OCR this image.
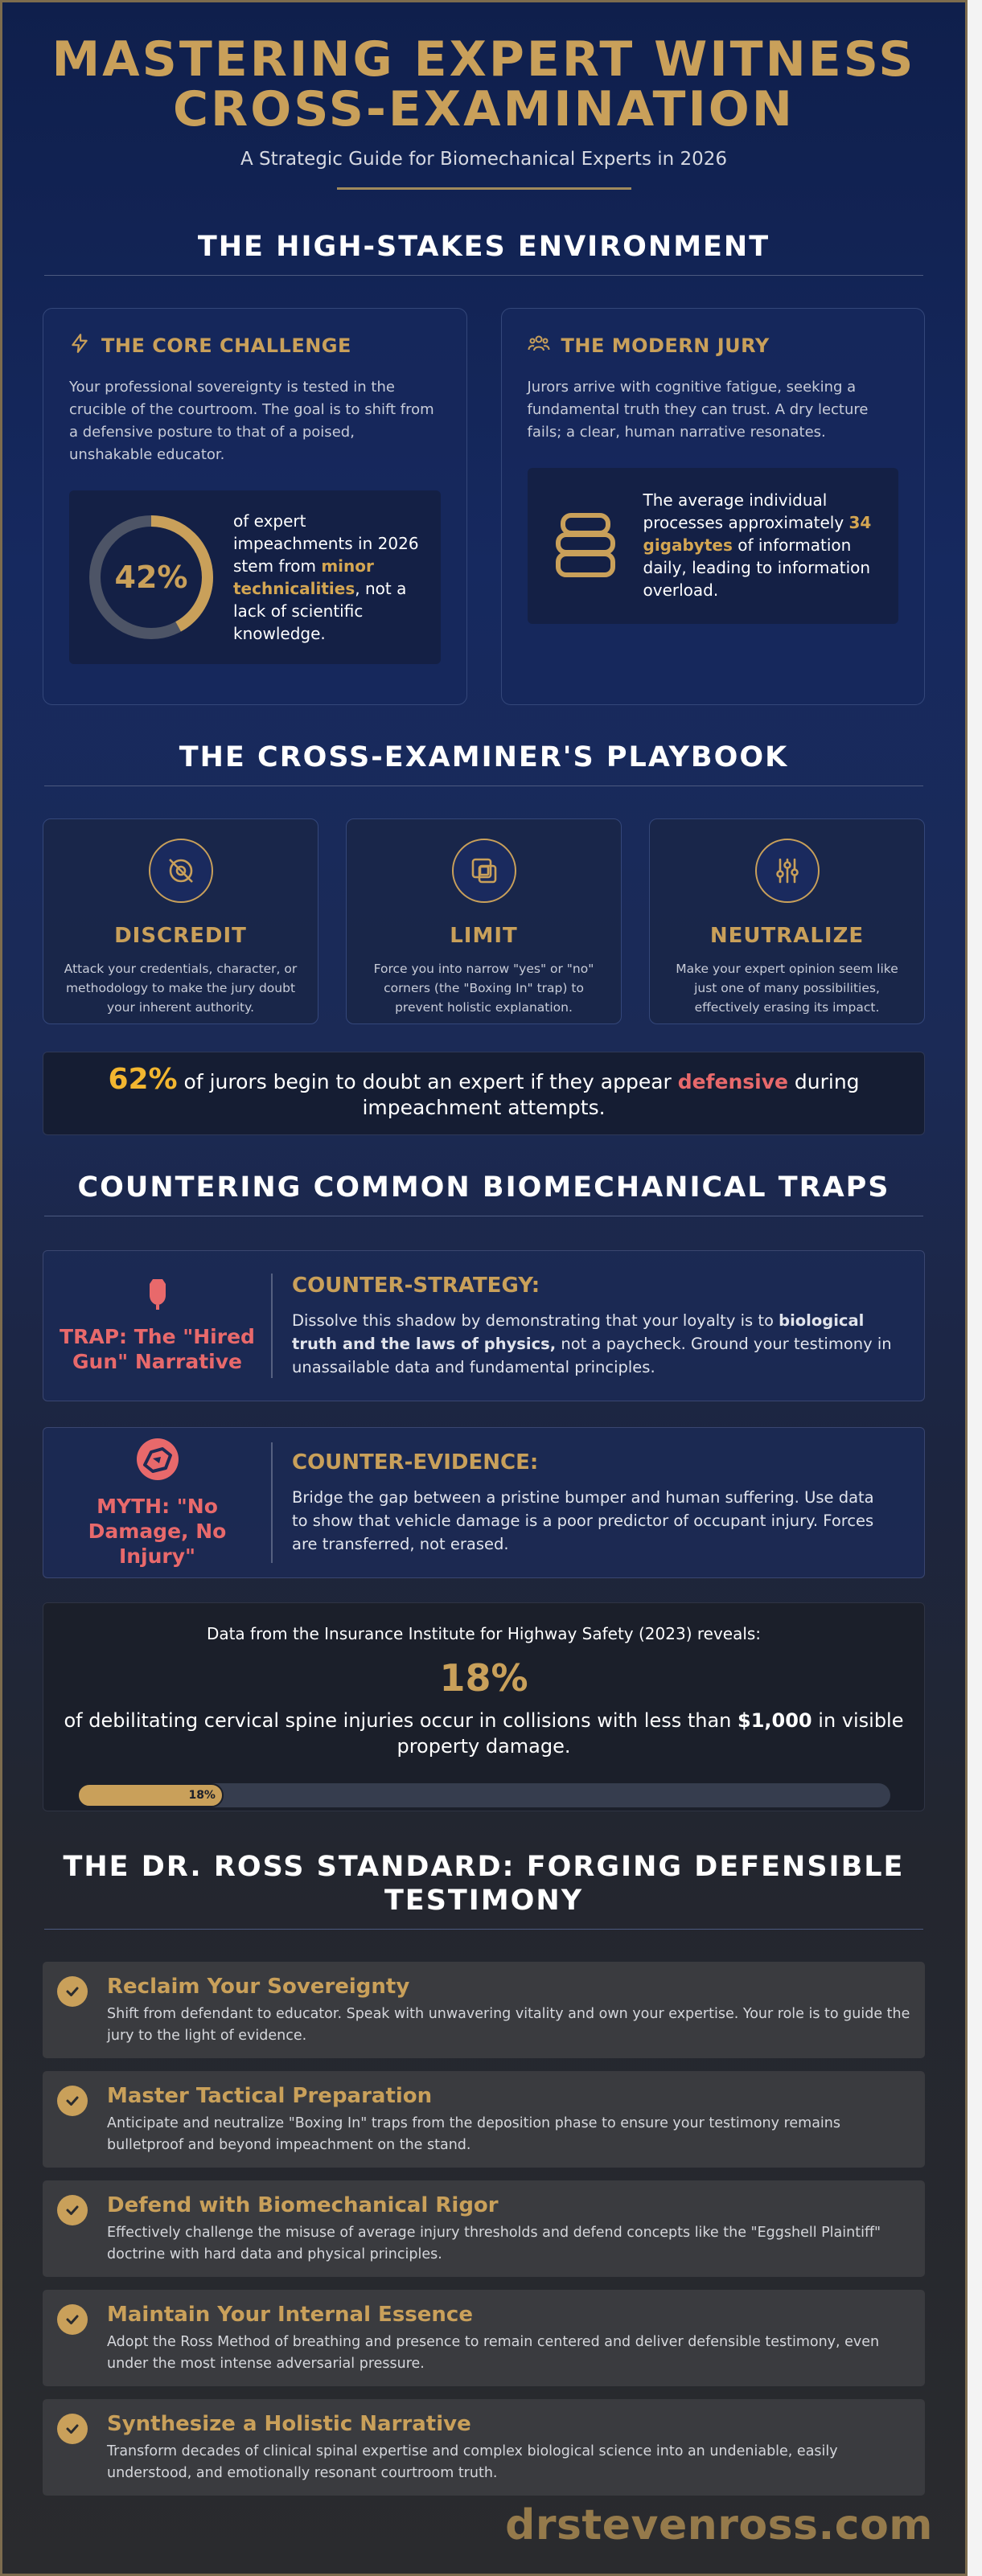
MASTERING EXPERT WITNESS
CROSS-EXAMINATION
A Strategic Guide for Biomechanical Experts in 2026
THE HIGH-STAKES ENVIRONMENT
THE CORE CHALLENGE
Your professional sovereignty is tested in the crucible of the courtroom. The goal is to shift from a defensive posture to that of a poised, unshakable educator.
42%
of expert impeachments in 2026 stem from minor technicalities, not a lack of scientific knowledge.
THE MODERN JURY
Jurors arrive with cognitive fatigue, seeking a fundamental truth they can trust. A dry lecture fails; a clear, human narrative resonates.
The average individual processes approximately 34 gigabytes of information daily, leading to information overload.
THE CROSS-EXAMINER'S PLAYBOOK
DISCREDIT
Attack your credentials, character, or methodology to make the jury doubt your inherent authority.
LIMIT
Force you into narrow "yes" or "no" corners (the "Boxing In" trap) to prevent holistic explanation.
NEUTRALIZE
Make your expert opinion seem like just one of many possibilities, effectively erasing its impact.
62% of jurors begin to doubt an expert if they appear defensive during impeachment attempts.
COUNTERING COMMON BIOMECHANICAL TRAPS
TRAP: The "Hired Gun" Narrative
COUNTER-STRATEGY:
Dissolve this shadow by demonstrating that your loyalty is to biological truth and the laws of physics, not a paycheck. Ground your testimony in unassailable data and fundamental principles.
MYTH: "No Damage, No Injury"
COUNTER-EVIDENCE:
Bridge the gap between a pristine bumper and human suffering. Use data to show that vehicle damage is a poor predictor of occupant injury. Forces are transferred, not erased.
Data from the Insurance Institute for Highway Safety (2023) reveals:
18%
of debilitating cervical spine injuries occur in collisions with less than $1,000 in visible property damage.
18%
THE DR. ROSS STANDARD: FORGING DEFENSIBLE
TESTIMONY
Reclaim Your Sovereignty
Shift from defendant to educator. Speak with unwavering vitality and own your expertise. Your role is to guide the jury to the light of evidence.
Master Tactical Preparation
Anticipate and neutralize "Boxing In" traps from the deposition phase to ensure your testimony remains bulletproof and beyond impeachment on the stand.
Defend with Biomechanical Rigor
Effectively challenge the misuse of average injury thresholds and defend concepts like the "Eggshell Plaintiff" doctrine with hard data and physical principles.
Maintain Your Internal Essence
Adopt the Ross Method of breathing and presence to remain centered and deliver defensible testimony, even under the most intense adversarial pressure.
Synthesize a Holistic Narrative
Transform decades of clinical spinal expertise and complex biological science into an undeniable, easily understood, and emotionally resonant courtroom truth.
drstevenross.com
